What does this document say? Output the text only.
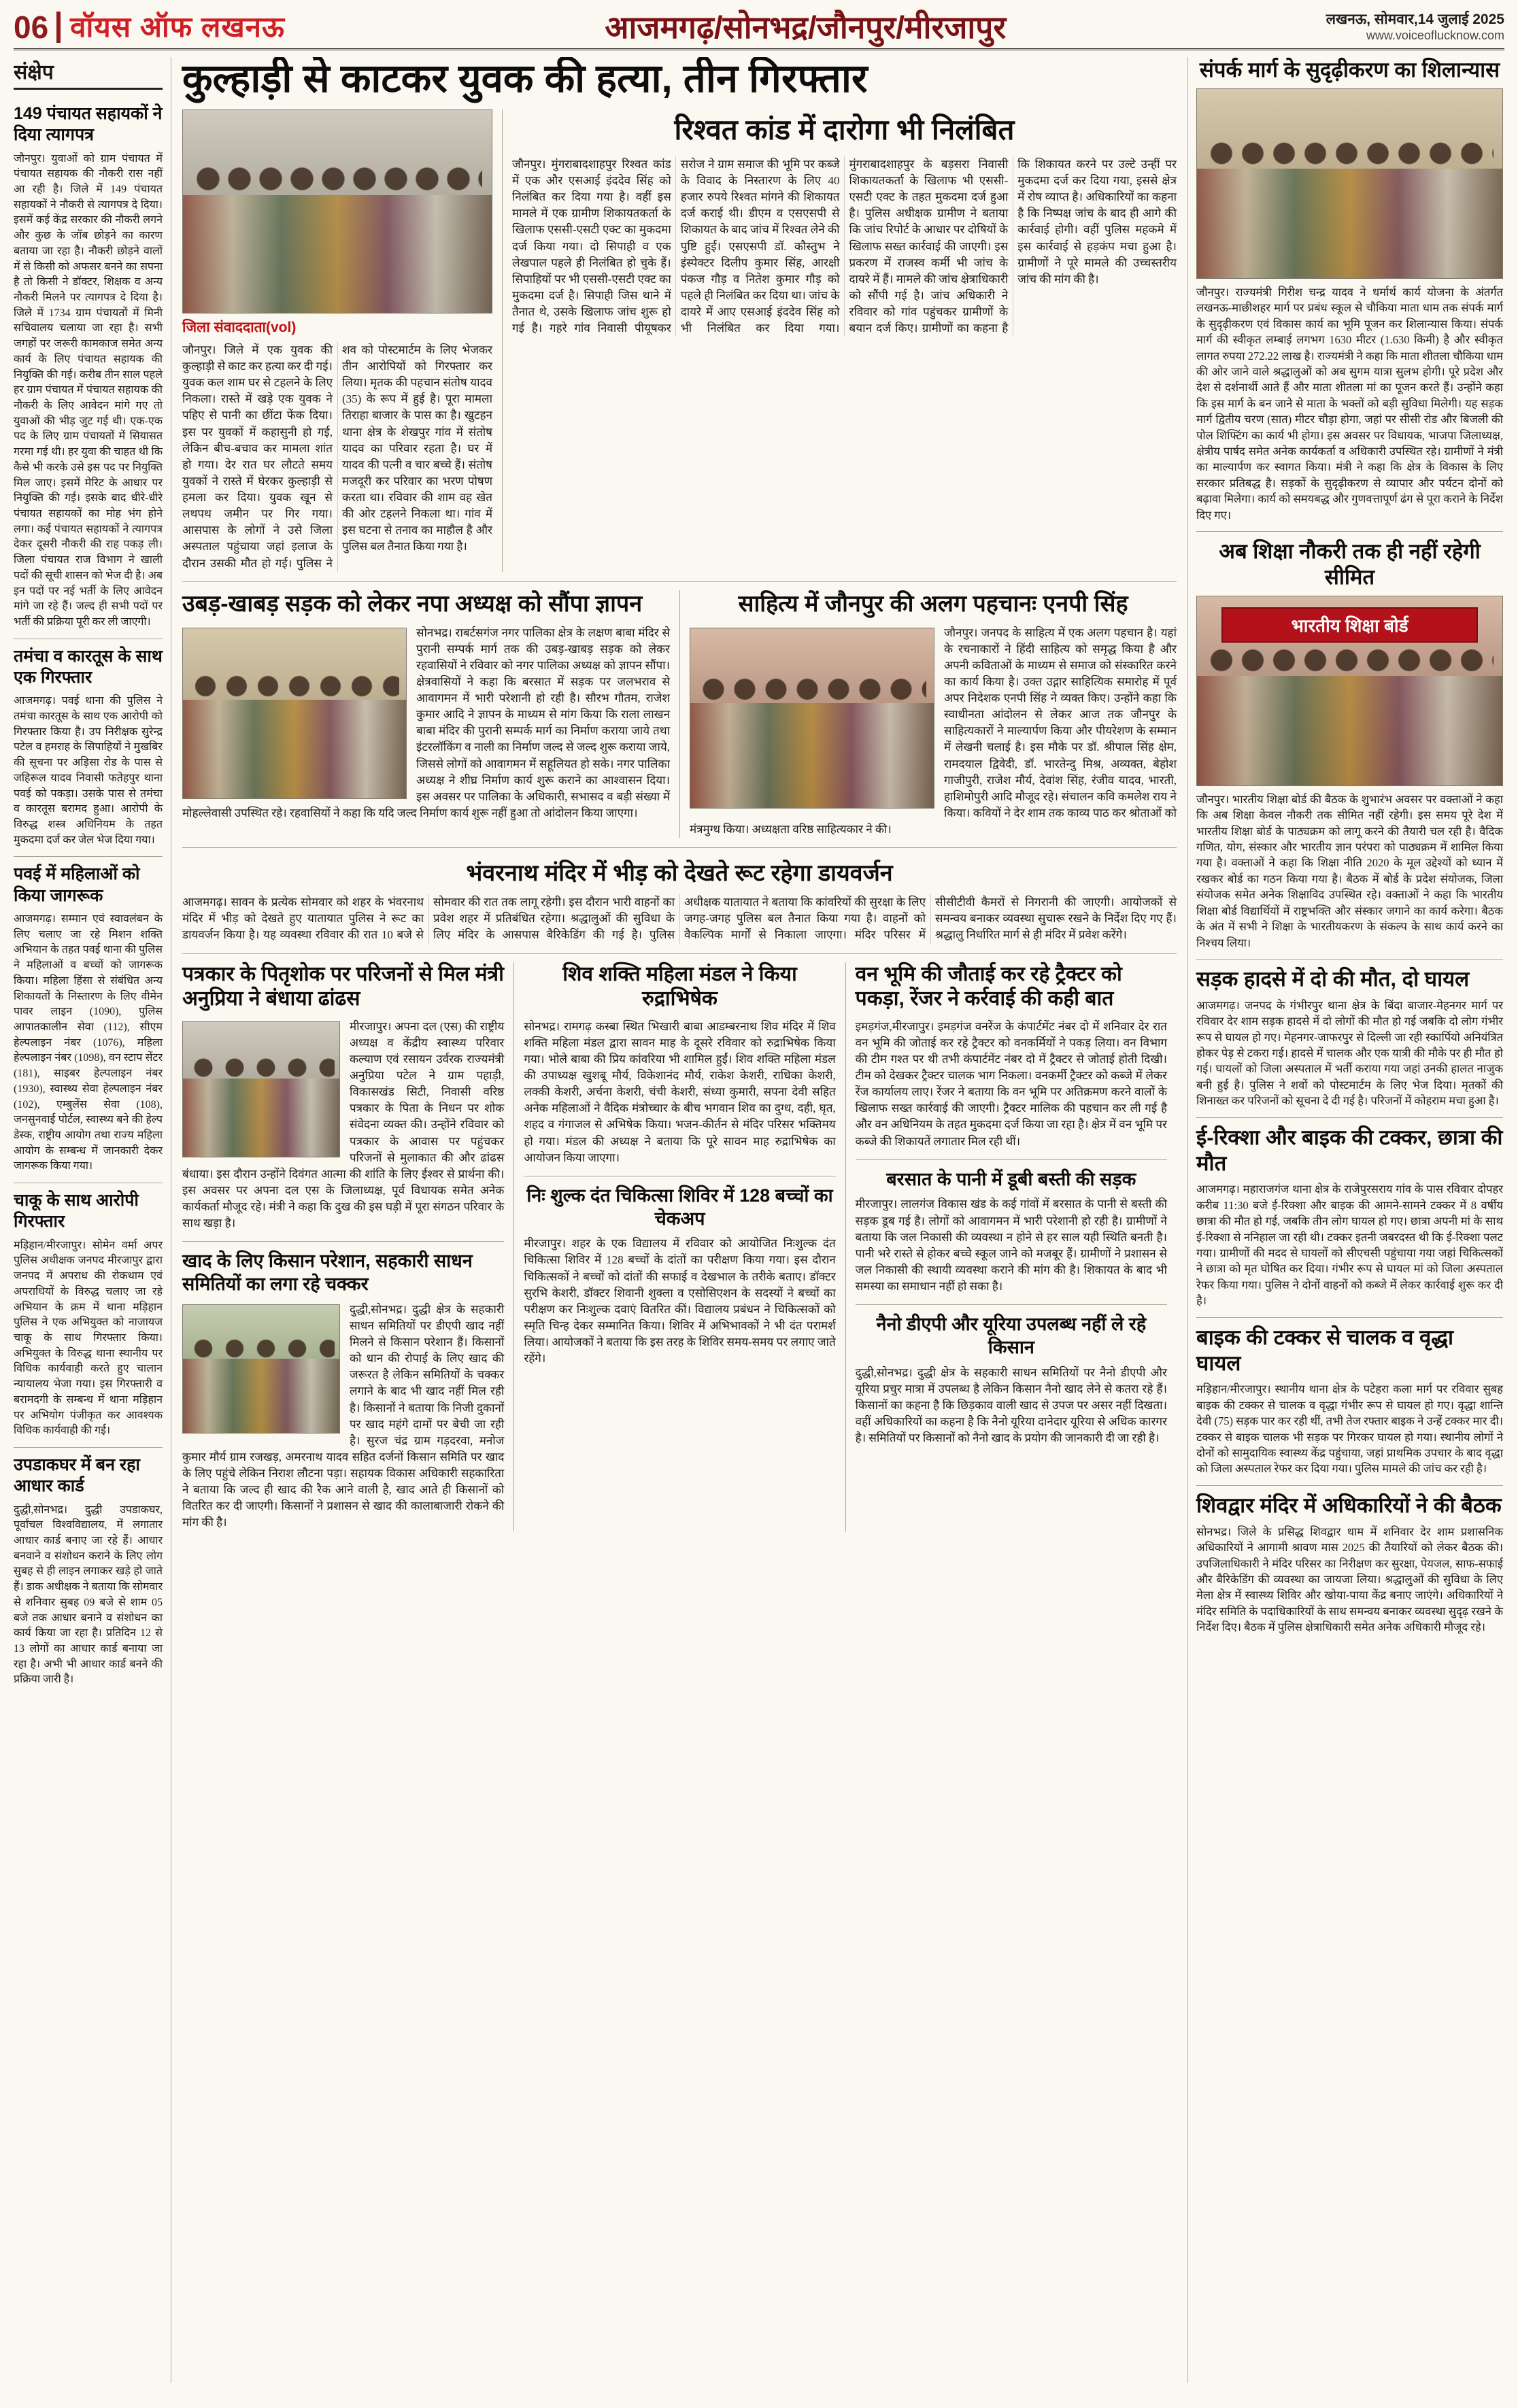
06 वॉयस ऑफ लखनऊ	आजमगढ़/सोनभद्र/जौनपुर/मीरजापुर	लखनऊ, सोमवार,14 जुलाई 2025
www.voiceoflucknow.com
संक्षेप
149 पंचायत सहायकों ने दिया त्यागपत्र

जौनपुर। युवाओं को ग्राम पंचायत में पंचायत सहायक की नौकरी रास नहीं आ रही है। जिले में 149 पंचायत सहायकों ने नौकरी से त्यागपत्र दे दिया। इसमें कई केंद्र सरकार की नौकरी लगने और कुछ के जॉब छोड़ने का कारण बताया जा रहा है। नौकरी छोड़ने वालों में से किसी को अफसर बनने का सपना है तो किसी ने डॉक्टर, शिक्षक व अन्य नौकरी मिलने पर त्यागपत्र दे दिया है। जिले में 1734 ग्राम पंचायतों में मिनी सचिवालय चलाया जा रहा है। सभी जगहों पर जरूरी कामकाज समेत अन्य कार्य के लिए पंचायत सहायक की नियुक्ति की गई। करीब तीन साल पहले हर ग्राम पंचायत में पंचायत सहायक की नौकरी के लिए आवेदन मांगे गए तो युवाओं की भीड़ जुट गई थी। एक-एक पद के लिए ग्राम पंचायतों में सियासत गरमा गई थी। हर युवा की चाहत थी कि कैसे भी करके उसे इस पद पर नियुक्ति मिल जाए। इसमें मेरिट के आधार पर नियुक्ति की गई। इसके बाद धीरे-धीरे पंचायत सहायकों का मोह भंग होने लगा। कई पंचायत सहायकों ने त्यागपत्र देकर दूसरी नौकरी की राह पकड़ ली। जिला पंचायत राज विभाग ने खाली पदों की सूची शासन को भेज दी है। अब इन पदों पर नई भर्ती के लिए आवेदन मांगे जा रहे हैं। जल्द ही सभी पदों पर भर्ती की प्रक्रिया पूरी कर ली जाएगी।

तमंचा व कारतूस के साथ एक गिरफ्तार

आजमगढ़। पवई थाना की पुलिस ने तमंचा कारतूस के साथ एक आरोपी को गिरफ्तार किया है। उप निरीक्षक सुरेन्द्र पटेल व हमराह के सिपाहियों ने मुखबिर की सूचना पर अड़िसा रोड के पास से जहिरूल यादव निवासी फतेहपुर थाना पवई को पकड़ा। उसके पास से तमंचा व कारतूस बरामद हुआ। आरोपी के विरुद्ध शस्त्र अधिनियम के तहत मुकदमा दर्ज कर जेल भेज दिया गया।

पवई में महिलाओं को किया जागरूक

आजमगढ़। सम्मान एवं स्वावलंबन के लिए चलाए जा रहे मिशन शक्ति अभियान के तहत पवई थाना की पुलिस ने महिलाओं व बच्चों को जागरूक किया। महिला हिंसा से संबंधित अन्य शिकायतों के निस्तारण के लिए वीमेन पावर लाइन (1090), पुलिस आपातकालीन सेवा (112), सीएम हेल्पलाइन नंबर (1076), महिला हेल्पलाइन नंबर (1098), वन स्टाप सेंटर (181), साइबर हेल्पलाइन नंबर (1930), स्वास्थ्य सेवा हेल्पलाइन नंबर (102), एम्बुलेंस सेवा (108), जनसुनवाई पोर्टल, स्वास्थ्य बने की हेल्प डेस्क, राष्ट्रीय आयोग तथा राज्य महिला आयोग के सम्बन्ध में जानकारी देकर जागरूक किया गया।

चाकू के साथ आरोपी गिरफ्तार

मड़िहान/मीरजापुर। सोमेन वर्मा अपर पुलिस अधीक्षक जनपद मीरजापुर द्वारा जनपद में अपराध की रोकथाम एवं अपराधियों के विरुद्ध चलाए जा रहे अभियान के क्रम में थाना मड़िहान पुलिस ने एक अभियुक्त को नाजायज चाकू के साथ गिरफ्तार किया। अभियुक्त के विरुद्ध थाना स्थानीय पर विधिक कार्यवाही करते हुए चालान न्यायालय भेजा गया। इस गिरफ्तारी व बरामदगी के सम्बन्ध में थाना मड़िहान पर अभियोग पंजीकृत कर आवश्यक विधिक कार्यवाही की गई।

उपडाकघर में बन रहा आधार कार्ड

दुद्धी,सोनभद्र। दुद्धी उपडाकघर, पूर्वांचल विश्वविद्यालय, में लगातार आधार कार्ड बनाए जा रहे हैं। आधार बनवाने व संशोधन कराने के लिए लोग सुबह से ही लाइन लगाकर खड़े हो जाते हैं। डाक अधीक्षक ने बताया कि सोमवार से शनिवार सुबह 09 बजे से शाम 05 बजे तक आधार बनाने व संशोधन का कार्य किया जा रहा है। प्रतिदिन 12 से 13 लोगों का आधार कार्ड बनाया जा रहा है। अभी भी आधार कार्ड बनने की प्रक्रिया जारी है।

कुल्हाड़ी से काटकर युवक की हत्या, तीन गिरफ्तार
जिला संवाददाता(vol)

जौनपुर। जिले में एक युवक की कुल्हाड़ी से काट कर हत्या कर दी गई। युवक कल शाम घर से टहलने के लिए निकला। रास्ते में खड़े एक युवक ने पहिए से पानी का छींटा फेंक दिया। इस पर युवकों में कहासुनी हो गई, लेकिन बीच-बचाव कर मामला शांत हो गया। देर रात घर लौटते समय युवकों ने रास्ते में घेरकर कुल्हाड़ी से हमला कर दिया। युवक खून से लथपथ जमीन पर गिर गया। आसपास के लोगों ने उसे जिला अस्पताल पहुंचाया जहां इलाज के दौरान उसकी मौत हो गई। पुलिस ने शव को पोस्टमार्टम के लिए भेजकर तीन आरोपियों को गिरफ्तार कर लिया। मृतक की पहचान संतोष यादव (35) के रूप में हुई है। पूरा मामला तिराहा बाजार के पास का है। खुटहन थाना क्षेत्र के शेखपुर गांव में संतोष यादव का परिवार रहता है। घर में यादव की पत्नी व चार बच्चे हैं। संतोष मजदूरी कर परिवार का भरण पोषण करता था। रविवार की शाम वह खेत की ओर टहलने निकला था। गांव में इस घटना से तनाव का माहौल है और पुलिस बल तैनात किया गया है।

रिश्वत कांड में दारोगा भी निलंबित

जौनपुर। मुंगराबादशाहपुर रिश्वत कांड में एक और एसआई इंददेव सिंह को निलंबित कर दिया गया है। वहीं इस मामले में एक ग्रामीण शिकायतकर्ता के खिलाफ एससी-एसटी एक्ट का मुकदमा दर्ज किया गया। दो सिपाही व एक लेखपाल पहले ही निलंबित हो चुके हैं। सिपाहियों पर भी एससी-एसटी एक्ट का मुकदमा दर्ज है। सिपाही जिस थाने में तैनात थे, उसके खिलाफ जांच शुरू हो गई है। गहरे गांव निवासी पीयूषकर सरोज ने ग्राम समाज की भूमि पर कब्जे के विवाद के निस्तारण के लिए 40 हजार रुपये रिश्वत मांगने की शिकायत दर्ज कराई थी। डीएम व एसएसपी से शिकायत के बाद जांच में रिश्वत लेने की पुष्टि हुई। एसएसपी डॉ. कौस्तुभ ने इंस्पेक्टर दिलीप कुमार सिंह, आरक्षी पंकज गौड़ व नितेश कुमार गौड़ को पहले ही निलंबित कर दिया था। जांच के दायरे में आए एसआई इंददेव सिंह को भी निलंबित कर दिया गया। मुंगराबादशाहपुर के बड़सरा निवासी शिकायतकर्ता के खिलाफ भी एससी-एसटी एक्ट के तहत मुकदमा दर्ज हुआ है। पुलिस अधीक्षक ग्रामीण ने बताया कि जांच रिपोर्ट के आधार पर दोषियों के खिलाफ सख्त कार्रवाई की जाएगी। इस प्रकरण में राजस्व कर्मी भी जांच के दायरे में हैं। मामले की जांच क्षेत्राधिकारी को सौंपी गई है। जांच अधिकारी ने रविवार को गांव पहुंचकर ग्रामीणों के बयान दर्ज किए। ग्रामीणों का कहना है कि शिकायत करने पर उल्टे उन्हीं पर मुकदमा दर्ज कर दिया गया, इससे क्षेत्र में रोष व्याप्त है। अधिकारियों का कहना है कि निष्पक्ष जांच के बाद ही आगे की कार्रवाई होगी। वहीं पुलिस महकमे में इस कार्रवाई से हड़कंप मचा हुआ है। ग्रामीणों ने पूरे मामले की उच्चस्तरीय जांच की मांग की है।

उबड़-खाबड़ सड़क को लेकर नपा अध्यक्ष को सौंपा ज्ञापन

सोनभद्र। राबर्टसगंज नगर पालिका क्षेत्र के लक्षण बाबा मंदिर से पुरानी सम्पर्क मार्ग तक की उबड़-खाबड़ सड़क को लेकर रहवासियों ने रविवार को नगर पालिका अध्यक्ष को ज्ञापन सौंपा। क्षेत्रवासियों ने कहा कि बरसात में सड़क पर जलभराव से आवागमन में भारी परेशानी हो रही है। सौरभ गौतम, राजेश कुमार आदि ने ज्ञापन के माध्यम से मांग किया कि राला लाखन बाबा मंदिर की पुरानी सम्पर्क मार्ग का निर्माण कराया जाये तथा इंटरलॉकिंग व नाली का निर्माण जल्द से जल्द शुरू कराया जाये, जिससे लोगों को आवागमन में सहूलियत हो सके। नगर पालिका अध्यक्ष ने शीघ्र निर्माण कार्य शुरू कराने का आश्वासन दिया। इस अवसर पर पालिका के अधिकारी, सभासद व बड़ी संख्या में मोहल्लेवासी उपस्थित रहे। रहवासियों ने कहा कि यदि जल्द निर्माण कार्य शुरू नहीं हुआ तो आंदोलन किया जाएगा।

साहित्य में जौनपुर की अलग पहचानः एनपी सिंह

जौनपुर। जनपद के साहित्य में एक अलग पहचान है। यहां के रचनाकारों ने हिंदी साहित्य को समृद्ध किया है और अपनी कविताओं के माध्यम से समाज को संस्कारित करने का कार्य किया है। उक्त उद्गार साहित्यिक समारोह में पूर्व अपर निदेशक एनपी सिंह ने व्यक्त किए। उन्होंने कहा कि स्वाधीनता आंदोलन से लेकर आज तक जौनपुर के साहित्यकारों ने माल्यार्पण किया और पीयरेशण के सम्मान में लेखनी चलाई है। इस मौके पर डॉ. श्रीपाल सिंह क्षेम, रामदयाल द्विवेदी, डॉ. भारतेन्दु मिश्र, अव्यक्त, बेहोश गाजीपुरी, राजेश मौर्य, देवांश सिंह, रंजीव यादव, भारती, हाशिमोपुरी आदि मौजूद रहे। संचालन कवि कमलेश राय ने किया। कवियों ने देर शाम तक काव्य पाठ कर श्रोताओं को मंत्रमुग्ध किया। अध्यक्षता वरिष्ठ साहित्यकार ने की।

भंवरनाथ मंदिर में भीड़ को देखते रूट रहेगा डायवर्जन

आजमगढ़। सावन के प्रत्येक सोमवार को शहर के भंवरनाथ मंदिर में भीड़ को देखते हुए यातायात पुलिस ने रूट का डायवर्जन किया है। यह व्यवस्था रविवार की रात 10 बजे से सोमवार की रात तक लागू रहेगी। इस दौरान भारी वाहनों का प्रवेश शहर में प्रतिबंधित रहेगा। श्रद्धालुओं की सुविधा के लिए मंदिर के आसपास बैरिकेडिंग की गई है। पुलिस अधीक्षक यातायात ने बताया कि कांवरियों की सुरक्षा के लिए जगह-जगह पुलिस बल तैनात किया गया है। वाहनों को वैकल्पिक मार्गों से निकाला जाएगा। मंदिर परिसर में सीसीटीवी कैमरों से निगरानी की जाएगी। आयोजकों से समन्वय बनाकर व्यवस्था सुचारू रखने के निर्देश दिए गए हैं। श्रद्धालु निर्धारित मार्ग से ही मंदिर में प्रवेश करेंगे।

पत्रकार के पितृशोक पर परिजनों से मिल मंत्री अनुप्रिया ने बंधाया ढांढस

मीरजापुर। अपना दल (एस) की राष्ट्रीय अध्यक्ष व केंद्रीय स्वास्थ्य परिवार कल्याण एवं रसायन उर्वरक राज्यमंत्री अनुप्रिया पटेल ने ग्राम पहाड़ी, विकासखंड सिटी, निवासी वरिष्ठ पत्रकार के पिता के निधन पर शोक संवेदना व्यक्त की। उन्होंने रविवार को पत्रकार के आवास पर पहुंचकर परिजनों से मुलाकात की और ढांढस बंधाया। इस दौरान उन्होंने दिवंगत आत्मा की शांति के लिए ईश्वर से प्रार्थना की। इस अवसर पर अपना दल एस के जिलाध्यक्ष, पूर्व विधायक समेत अनेक कार्यकर्ता मौजूद रहे। मंत्री ने कहा कि दुख की इस घड़ी में पूरा संगठन परिवार के साथ खड़ा है।

खाद के लिए किसान परेशान, सहकारी साधन समितियों का लगा रहे चक्कर

दुद्धी,सोनभद्र। दुद्धी क्षेत्र के सहकारी साधन समितियों पर डीएपी खाद नहीं मिलने से किसान परेशान हैं। किसानों को धान की रोपाई के लिए खाद की जरूरत है लेकिन समितियों के चक्कर लगाने के बाद भी खाद नहीं मिल रही है। किसानों ने बताया कि निजी दुकानों पर खाद महंगे दामों पर बेची जा रही है। सुरज चंद्र ग्राम गड़दरवा, मनोज कुमार मौर्य ग्राम रजखड़, अमरनाथ यादव सहित दर्जनों किसान समिति पर खाद के लिए पहुंचे लेकिन निराश लौटना पड़ा। सहायक विकास अधिकारी सहकारिता ने बताया कि जल्द ही खाद की रैक आने वाली है, खाद आते ही किसानों को वितरित कर दी जाएगी। किसानों ने प्रशासन से खाद की कालाबाजारी रोकने की मांग की है।

शिव शक्ति महिला मंडल ने किया रुद्राभिषेक

सोनभद्र। रामगढ़ कस्बा स्थित भिखारी बाबा आडम्बरनाथ शिव मंदिर में शिव शक्ति महिला मंडल द्वारा सावन माह के दूसरे रविवार को रुद्राभिषेक किया गया। भोले बाबा की प्रिय कांवरिया भी शामिल हुईं। शिव शक्ति महिला मंडल की उपाध्यक्ष खुशबू मौर्य, विकेशानंद मौर्य, राकेश केशरी, राधिका केशरी, लक्की केशरी, अर्चना केशरी, चंची केशरी, संध्या कुमारी, सपना देवी सहित अनेक महिलाओं ने वैदिक मंत्रोच्चार के बीच भगवान शिव का दुग्ध, दही, घृत, शहद व गंगाजल से अभिषेक किया। भजन-कीर्तन से मंदिर परिसर भक्तिमय हो गया। मंडल की अध्यक्ष ने बताया कि पूरे सावन माह रुद्राभिषेक का आयोजन किया जाएगा।

निः शुल्क दंत चिकित्सा शिविर में 128 बच्चों का चेकअप

मीरजापुर। शहर के एक विद्यालय में रविवार को आयोजित निःशुल्क दंत चिकित्सा शिविर में 128 बच्चों के दांतों का परीक्षण किया गया। इस दौरान चिकित्सकों ने बच्चों को दांतों की सफाई व देखभाल के तरीके बताए। डॉक्टर सुरभि केशरी, डॉक्टर शिवानी शुक्ला व एसोसिएशन के सदस्यों ने बच्चों का परीक्षण कर निःशुल्क दवाएं वितरित कीं। विद्यालय प्रबंधन ने चिकित्सकों को स्मृति चिन्ह देकर सम्मानित किया। शिविर में अभिभावकों ने भी दंत परामर्श लिया। आयोजकों ने बताया कि इस तरह के शिविर समय-समय पर लगाए जाते रहेंगे।

वन भूमि की जौताई कर रहे ट्रैक्टर को पकड़ा, रेंजर ने कर्रवाई की कही बात

इमड़गंज,मीरजापुर। इमड़गंज वनरेंज के कंपार्टमेंट नंबर दो में शनिवार देर रात वन भूमि की जोताई कर रहे ट्रैक्टर को वनकर्मियों ने पकड़ लिया। वन विभाग की टीम गश्त पर थी तभी कंपार्टमेंट नंबर दो में ट्रैक्टर से जोताई होती दिखी। टीम को देखकर ट्रैक्टर चालक भाग निकला। वनकर्मी ट्रैक्टर को कब्जे में लेकर रेंज कार्यालय लाए। रेंजर ने बताया कि वन भूमि पर अतिक्रमण करने वालों के खिलाफ सख्त कार्रवाई की जाएगी। ट्रैक्टर मालिक की पहचान कर ली गई है और वन अधिनियम के तहत मुकदमा दर्ज किया जा रहा है। क्षेत्र में वन भूमि पर कब्जे की शिकायतें लगातार मिल रही थीं।

बरसात के पानी में डूबी बस्ती की सड़क

मीरजापुर। लालगंज विकास खंड के कई गांवों में बरसात के पानी से बस्ती की सड़क डूब गई है। लोगों को आवागमन में भारी परेशानी हो रही है। ग्रामीणों ने बताया कि जल निकासी की व्यवस्था न होने से हर साल यही स्थिति बनती है। पानी भरे रास्ते से होकर बच्चे स्कूल जाने को मजबूर हैं। ग्रामीणों ने प्रशासन से जल निकासी की स्थायी व्यवस्था कराने की मांग की है। शिकायत के बाद भी समस्या का समाधान नहीं हो सका है।

नैनो डीएपी और यूरिया उपलब्ध नहीं ले रहे किसान

दुद्धी,सोनभद्र। दुद्धी क्षेत्र के सहकारी साधन समितियों पर नैनो डीएपी और यूरिया प्रचुर मात्रा में उपलब्ध है लेकिन किसान नैनो खाद लेने से कतरा रहे हैं। किसानों का कहना है कि छिड़काव वाली खाद से उपज पर असर नहीं दिखता। वहीं अधिकारियों का कहना है कि नैनो यूरिया दानेदार यूरिया से अधिक कारगर है। समितियों पर किसानों को नैनो खाद के प्रयोग की जानकारी दी जा रही है।

संपर्क मार्ग के सुदृढ़ीकरण का शिलान्यास

जौनपुर। राज्यमंत्री गिरीश चन्द्र यादव ने धर्मार्थ कार्य योजना के अंतर्गत लखनऊ-माछीशहर मार्ग पर प्रबंध स्कूल से चौकिया माता धाम तक संपर्क मार्ग के सुदृढ़ीकरण एवं विकास कार्य का भूमि पूजन कर शिलान्यास किया। संपर्क मार्ग की स्वीकृत लम्बाई लगभग 1630 मीटर (1.630 किमी) है और स्वीकृत लागत रुपया 272.22 लाख है। राज्यमंत्री ने कहा कि माता शीतला चौकिया धाम की ओर जाने वाले श्रद्धालुओं को अब सुगम यात्रा सुलभ होगी। पूरे प्रदेश और देश से दर्शनार्थी आते हैं और माता शीतला मां का पूजन करते हैं। उन्होंने कहा कि इस मार्ग के बन जाने से माता के भक्तों को बड़ी सुविधा मिलेगी। यह सड़क मार्ग द्वितीय चरण (सात) मीटर चौड़ा होगा, जहां पर सीसी रोड और बिजली की पोल शिफ्टिंग का कार्य भी होगा। इस अवसर पर विधायक, भाजपा जिलाध्यक्ष, क्षेत्रीय पार्षद समेत अनेक कार्यकर्ता व अधिकारी उपस्थित रहे। ग्रामीणों ने मंत्री का माल्यार्पण कर स्वागत किया। मंत्री ने कहा कि क्षेत्र के विकास के लिए सरकार प्रतिबद्ध है। सड़कों के सुदृढ़ीकरण से व्यापार और पर्यटन दोनों को बढ़ावा मिलेगा। कार्य को समयबद्ध और गुणवत्तापूर्ण ढंग से पूरा कराने के निर्देश दिए गए।

अब शिक्षा नौकरी तक ही नहीं रहेगी सीमित
भारतीय शिक्षा बोर्ड

जौनपुर। भारतीय शिक्षा बोर्ड की बैठक के शुभारंभ अवसर पर वक्ताओं ने कहा कि अब शिक्षा केवल नौकरी तक सीमित नहीं रहेगी। इस समय पूरे देश में भारतीय शिक्षा बोर्ड के पाठ्यक्रम को लागू करने की तैयारी चल रही है। वैदिक गणित, योग, संस्कार और भारतीय ज्ञान परंपरा को पाठ्यक्रम में शामिल किया गया है। वक्ताओं ने कहा कि शिक्षा नीति 2020 के मूल उद्देश्यों को ध्यान में रखकर बोर्ड का गठन किया गया है। बैठक में बोर्ड के प्रदेश संयोजक, जिला संयोजक समेत अनेक शिक्षाविद उपस्थित रहे। वक्ताओं ने कहा कि भारतीय शिक्षा बोर्ड विद्यार्थियों में राष्ट्रभक्ति और संस्कार जगाने का कार्य करेगा। बैठक के अंत में सभी ने शिक्षा के भारतीयकरण के संकल्प के साथ कार्य करने का निश्चय लिया।

सड़क हादसे में दो की मौत, दो घायल

आजमगढ़। जनपद के गंभीरपुर थाना क्षेत्र के बिंदा बाजार-मेहनगर मार्ग पर रविवार देर शाम सड़क हादसे में दो लोगों की मौत हो गई जबकि दो लोग गंभीर रूप से घायल हो गए। मेहनगर-जाफरपुर से दिल्ली जा रही स्कार्पियो अनियंत्रित होकर पेड़ से टकरा गई। हादसे में चालक और एक यात्री की मौके पर ही मौत हो गई। घायलों को जिला अस्पताल में भर्ती कराया गया जहां उनकी हालत नाजुक बनी हुई है। पुलिस ने शवों को पोस्टमार्टम के लिए भेज दिया। मृतकों की शिनाख्त कर परिजनों को सूचना दे दी गई है। परिजनों में कोहराम मचा हुआ है।

ई-रिक्शा और बाइक की टक्कर, छात्रा की मौत

आजमगढ़। महाराजगंज थाना क्षेत्र के राजेपुरसराय गांव के पास रविवार दोपहर करीब 11:30 बजे ई-रिक्शा और बाइक की आमने-सामने टक्कर में 8 वर्षीय छात्रा की मौत हो गई, जबकि तीन लोग घायल हो गए। छात्रा अपनी मां के साथ ई-रिक्शा से ननिहाल जा रही थी। टक्कर इतनी जबरदस्त थी कि ई-रिक्शा पलट गया। ग्रामीणों की मदद से घायलों को सीएचसी पहुंचाया गया जहां चिकित्सकों ने छात्रा को मृत घोषित कर दिया। गंभीर रूप से घायल मां को जिला अस्पताल रेफर किया गया। पुलिस ने दोनों वाहनों को कब्जे में लेकर कार्रवाई शुरू कर दी है।

बाइक की टक्कर से चालक व वृद्धा घायल

मड़िहान/मीरजापुर। स्थानीय थाना क्षेत्र के पटेहरा कला मार्ग पर रविवार सुबह बाइक की टक्कर से चालक व वृद्धा गंभीर रूप से घायल हो गए। वृद्धा शान्ति देवी (75) सड़क पार कर रही थीं, तभी तेज रफ्तार बाइक ने उन्हें टक्कर मार दी। टक्कर से बाइक चालक भी सड़क पर गिरकर घायल हो गया। स्थानीय लोगों ने दोनों को सामुदायिक स्वास्थ्य केंद्र पहुंचाया, जहां प्राथमिक उपचार के बाद वृद्धा को जिला अस्पताल रेफर कर दिया गया। पुलिस मामले की जांच कर रही है।

शिवद्वार मंदिर में अधिकारियों ने की बैठक

सोनभद्र। जिले के प्रसिद्ध शिवद्वार धाम में शनिवार देर शाम प्रशासनिक अधिकारियों ने आगामी श्रावण मास 2025 की तैयारियों को लेकर बैठक की। उपजिलाधिकारी ने मंदिर परिसर का निरीक्षण कर सुरक्षा, पेयजल, साफ-सफाई और बैरिकेडिंग की व्यवस्था का जायजा लिया। श्रद्धालुओं की सुविधा के लिए मेला क्षेत्र में स्वास्थ्य शिविर और खोया-पाया केंद्र बनाए जाएंगे। अधिकारियों ने मंदिर समिति के पदाधिकारियों के साथ समन्वय बनाकर व्यवस्था सुदृढ़ रखने के निर्देश दिए। बैठक में पुलिस क्षेत्राधिकारी समेत अनेक अधिकारी मौजूद रहे।
